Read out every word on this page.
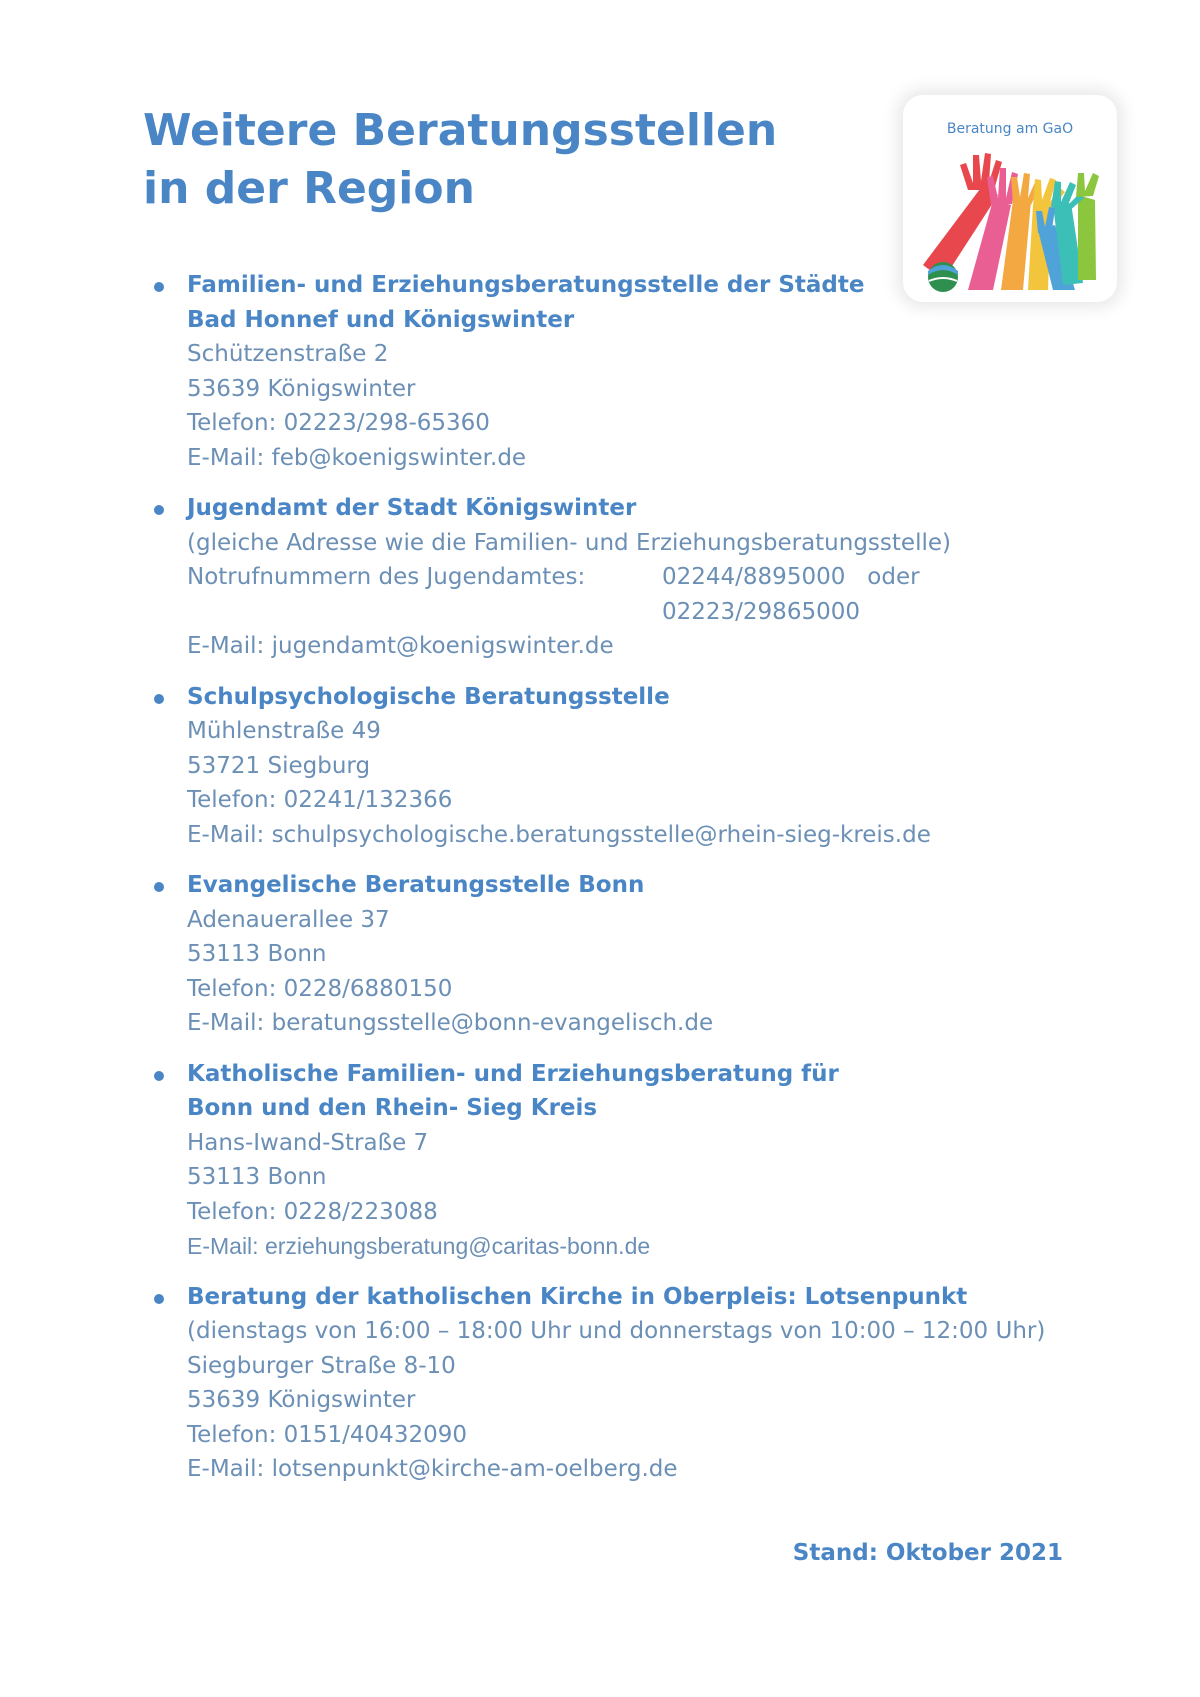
Weitere Beratungsstellen
in der Region
Beratung am GaO
Familien- und Erziehungsberatungsstelle der Städte
Bad Honnef und Königswinter
Schützenstraße 2
53639 Königswinter
Telefon: 02223/298-65360
E-Mail: feb@koenigswinter.de
Jugendamt der Stadt Königswinter
(gleiche Adresse wie die Familien- und Erziehungsberatungsstelle)
Notrufnummern des Jugendamtes:	02244/8895000   oder
02223/29865000
E-Mail: jugendamt@koenigswinter.de
Schulpsychologische Beratungsstelle
Mühlenstraße 49
53721 Siegburg
Telefon: 02241/132366
E-Mail: schulpsychologische.beratungsstelle@rhein-sieg-kreis.de
Evangelische Beratungsstelle Bonn
Adenauerallee 37
53113 Bonn
Telefon: 0228/6880150
E-Mail: beratungsstelle@bonn-evangelisch.de
Katholische Familien- und Erziehungsberatung für
Bonn und den Rhein- Sieg Kreis
Hans-Iwand-Straße 7
53113 Bonn
Telefon: 0228/223088
E-Mail: erziehungsberatung@caritas-bonn.de
Beratung der katholischen Kirche in Oberpleis: Lotsenpunkt
(dienstags von 16:00 – 18:00 Uhr und donnerstags von 10:00 – 12:00 Uhr)
Siegburger Straße 8-10
53639 Königswinter
Telefon: 0151/40432090
E-Mail: lotsenpunkt@kirche-am-oelberg.de
Stand: Oktober 2021
